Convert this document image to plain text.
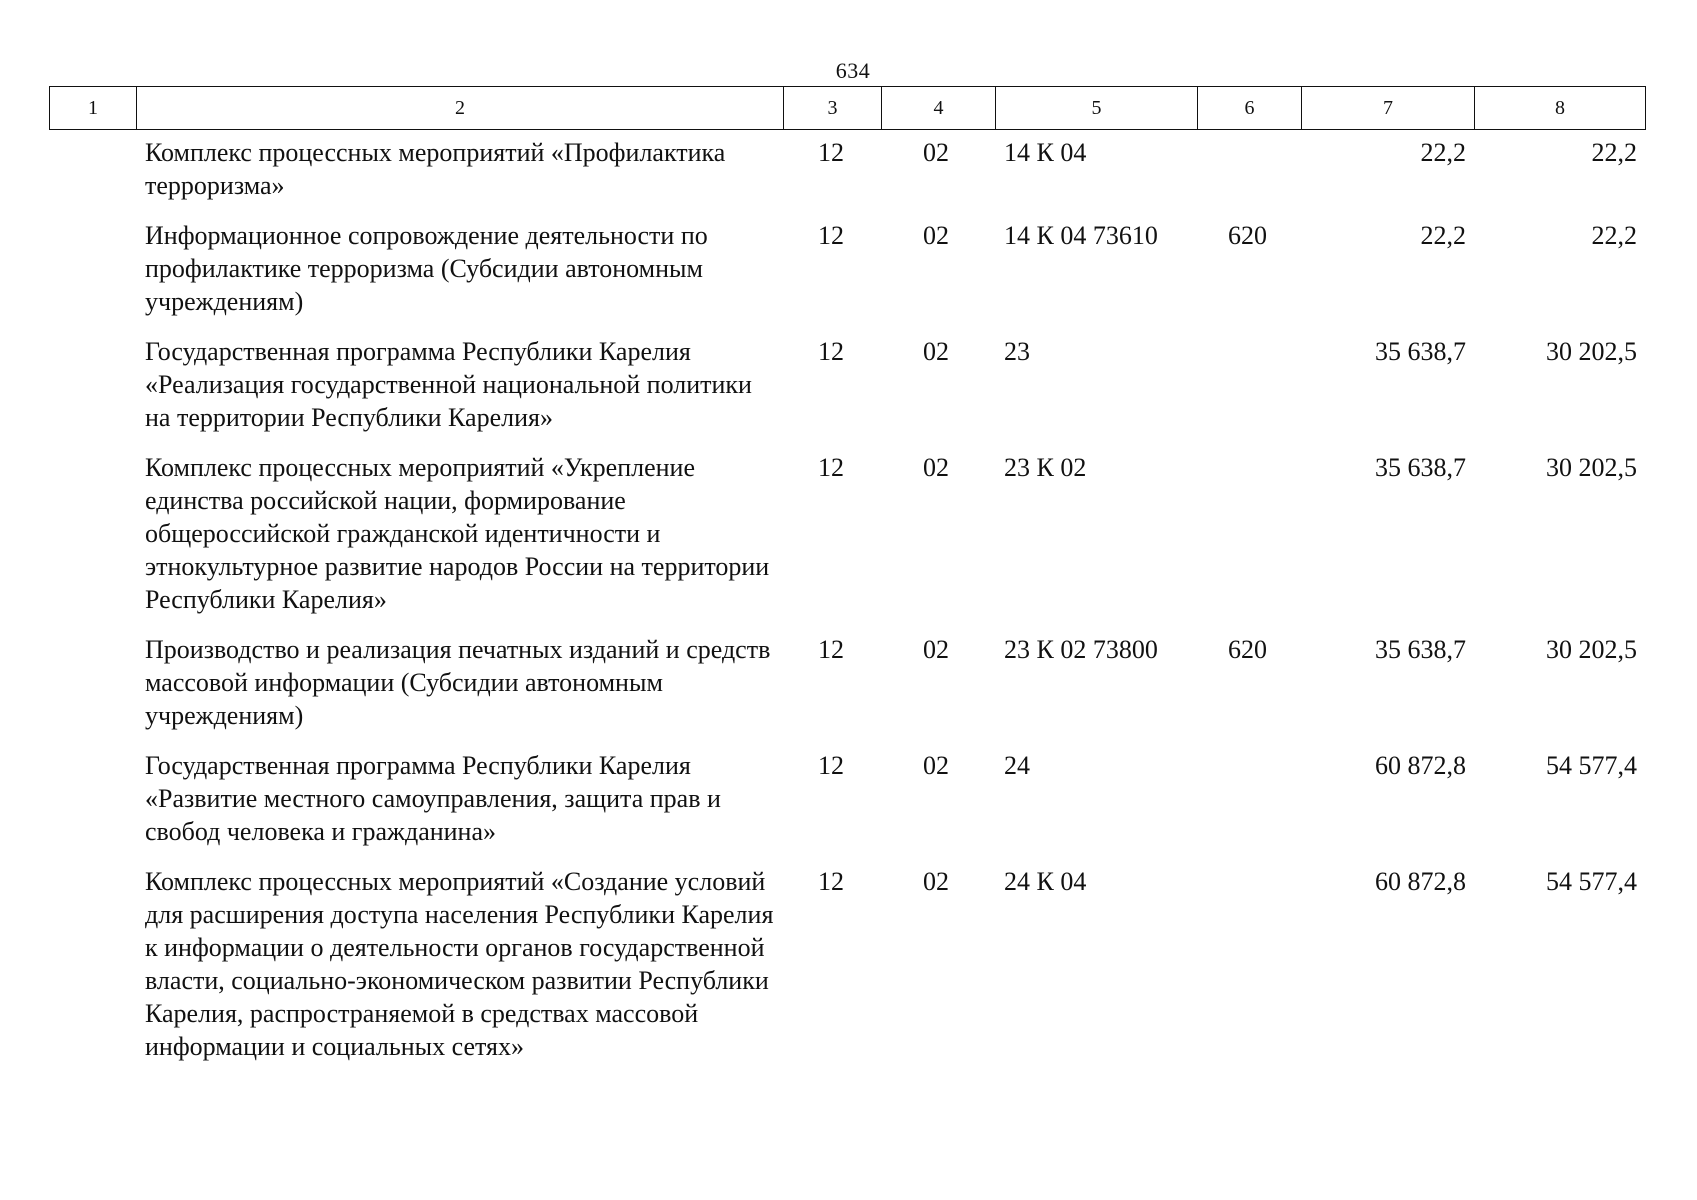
634
1	2	3	4	5	6	7	8
	Комплекс процессных мероприятий «Профилактика терроризма»	12	02	14 К 04		22,2	22,2
	Информационное сопровождение деятельности по профилактике терроризма (Субсидии автономным учреждениям)	12	02	14 К 04 73610	620	22,2	22,2
	Государственная программа Республики Карелия «Реализация государственной национальной политики на территории Республики Карелия»	12	02	23		35 638,7	30 202,5
	Комплекс процессных мероприятий «Укрепление единства российской нации, формирование общероссийской гражданской идентичности и этнокультурное развитие народов России на территории Республики Карелия»	12	02	23 К 02		35 638,7	30 202,5
	Производство и реализация печатных изданий и средств массовой информации (Субсидии автономным учреждениям)	12	02	23 К 02 73800	620	35 638,7	30 202,5
	Государственная программа Республики Карелия «Развитие местного самоуправления, защита прав и свобод человека и гражданина»	12	02	24		60 872,8	54 577,4
	Комплекс процессных мероприятий «Создание условий для расширения доступа населения Республики Карелия к информации о деятельности органов государственной власти, социально-экономическом развитии Республики Карелия, распространяемой в средствах массовой информации и социальных сетях»	12	02	24 К 04		60 872,8	54 577,4
